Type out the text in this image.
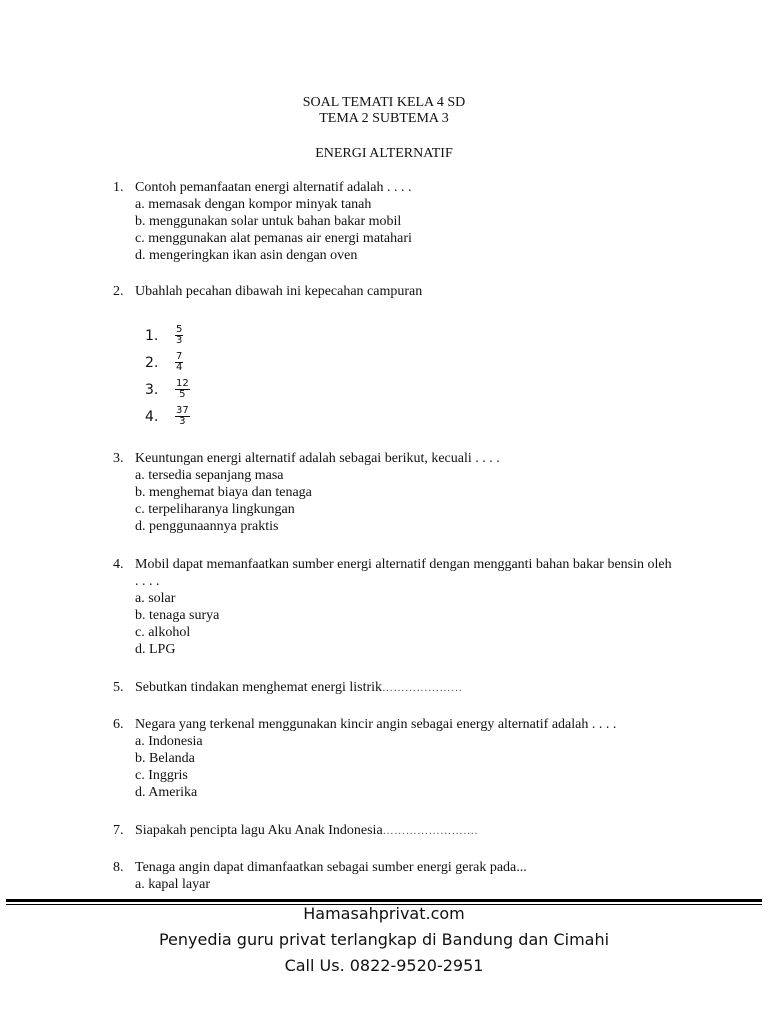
SOAL TEMATI KELA 4 SD
TEMA 2 SUBTEMA 3
ENERGI ALTERNATIF
1. Contoh pemanfaatan energi alternatif adalah . . . .
a. memasak dengan kompor minyak tanah
b. menggunakan solar untuk bahan bakar mobil
c. menggunakan alat pemanas air energi matahari
d. mengeringkan ikan asin dengan oven
2. Ubahlah pecahan dibawah ini kepecahan campuran
1.	$\frac{5}{3}$
2.	$\frac{7}{4}$
3.	$\frac{12}{5}$
4.	$\frac{37}{3}$
3. Keuntungan energi alternatif adalah sebagai berikut, kecuali . . . .
a. tersedia sepanjang masa
b. menghemat biaya dan tenaga
c. terpeliharanya lingkungan
d. penggunaannya praktis
4. Mobil dapat memanfaatkan sumber energi alternatif dengan mengganti bahan bakar bensin oleh . . . .
a. solar
b. tenaga surya
c. alkohol
d. LPG
5. Sebutkan tindakan menghemat energi listrik…………………
6. Negara yang terkenal menggunakan kincir angin sebagai energy alternatif adalah . . . .
a. Indonesia
b. Belanda
c. Inggris
d. Amerika
7. Siapakah pencipta lagu Aku Anak Indonesia…………………….
8. Tenaga angin dapat dimanfaatkan sebagai sumber energi gerak pada...
a. kapal layar
Hamasahprivat.com
Penyedia guru privat terlangkap di Bandung dan Cimahi
Call Us. 0822-9520-2951
